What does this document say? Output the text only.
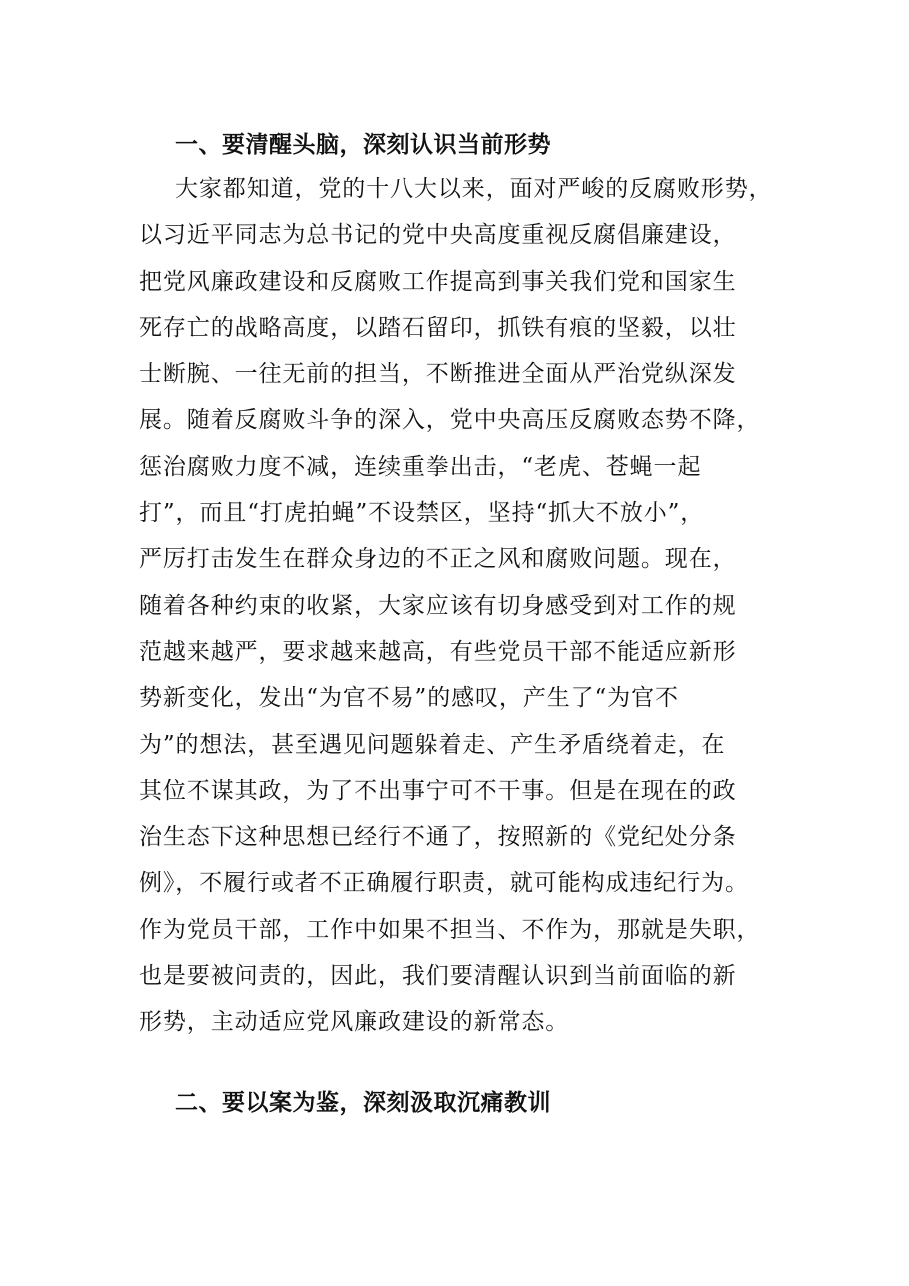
一、要清醒头脑，深刻认识当前形势
大家都知道，党的十八大以来，面对严峻的反腐败形势，
以习近平同志为总书记的党中央高度重视反腐倡廉建设，
把党风廉政建设和反腐败工作提高到事关我们党和国家生
死存亡的战略高度，以踏石留印，抓铁有痕的坚毅，以壮
士断腕、一往无前的担当，不断推进全面从严治党纵深发
展。随着反腐败斗争的深入，党中央高压反腐败态势不降，
惩治腐败力度不减，连续重拳出击，“老虎、苍蝇一起
打”，而且“打虎拍蝇”不设禁区，坚持“抓大不放小”，
严厉打击发生在群众身边的不正之风和腐败问题。现在，
随着各种约束的收紧，大家应该有切身感受到对工作的规
范越来越严，要求越来越高，有些党员干部不能适应新形
势新变化，发出“为官不易”的感叹，产生了“为官不
为”的想法，甚至遇见问题躲着走、产生矛盾绕着走，在
其位不谋其政，为了不出事宁可不干事。但是在现在的政
治生态下这种思想已经行不通了，按照新的《党纪处分条
例》，不履行或者不正确履行职责，就可能构成违纪行为。
作为党员干部，工作中如果不担当、不作为，那就是失职，
也是要被问责的，因此，我们要清醒认识到当前面临的新
形势，主动适应党风廉政建设的新常态。
二、要以案为鉴，深刻汲取沉痛教训
